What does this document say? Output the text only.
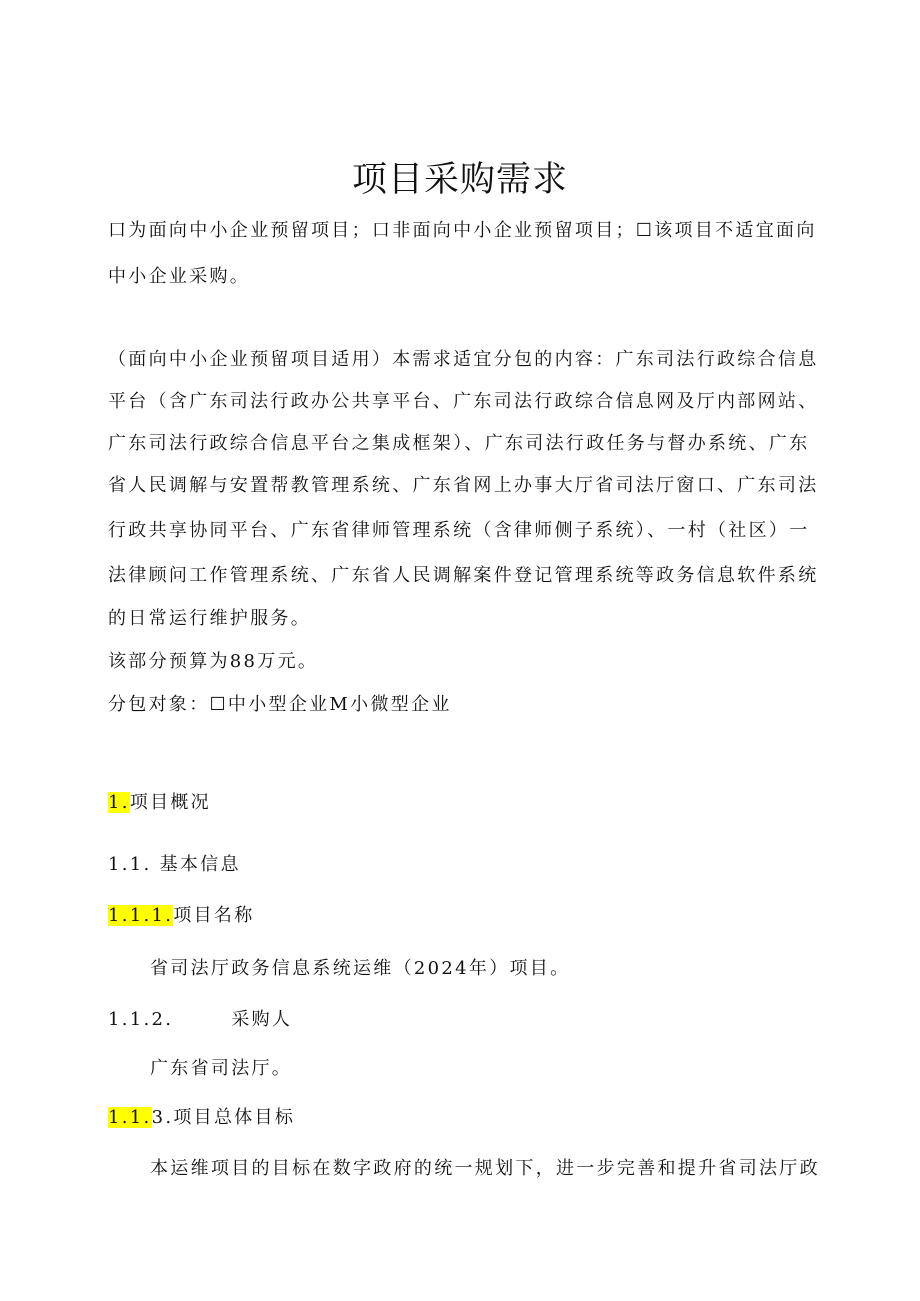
项目采购需求
口为面向中小企业预留项目；口非面向中小企业预留项目；☐该项目不适宜面向
中小企业采购。
（面向中小企业预留项目适用）本需求适宜分包的内容：广东司法行政综合信息
平台（含广东司法行政办公共享平台、广东司法行政综合信息网及厅内部网站、
广东司法行政综合信息平台之集成框架）、广东司法行政任务与督办系统、广东
省人民调解与安置帮教管理系统、广东省网上办事大厅省司法厅窗口、广东司法
行政共享协同平台、广东省律师管理系统（含律师侧子系统）、一村（社区）一
法律顾问工作管理系统、广东省人民调解案件登记管理系统等政务信息软件系统
的日常运行维护服务。
该部分预算为88万元。
分包对象：☐中小型企业M小微型企业
1.项目概况
1.1. 基本信息
1.1.1.项目名称
省司法厅政务信息系统运维（2024年）项目。
1.1.2.	采购人
广东省司法厅。
1.1.3.项目总体目标
本运维项目的目标在数字政府的统一规划下，进一步完善和提升省司法厅政
